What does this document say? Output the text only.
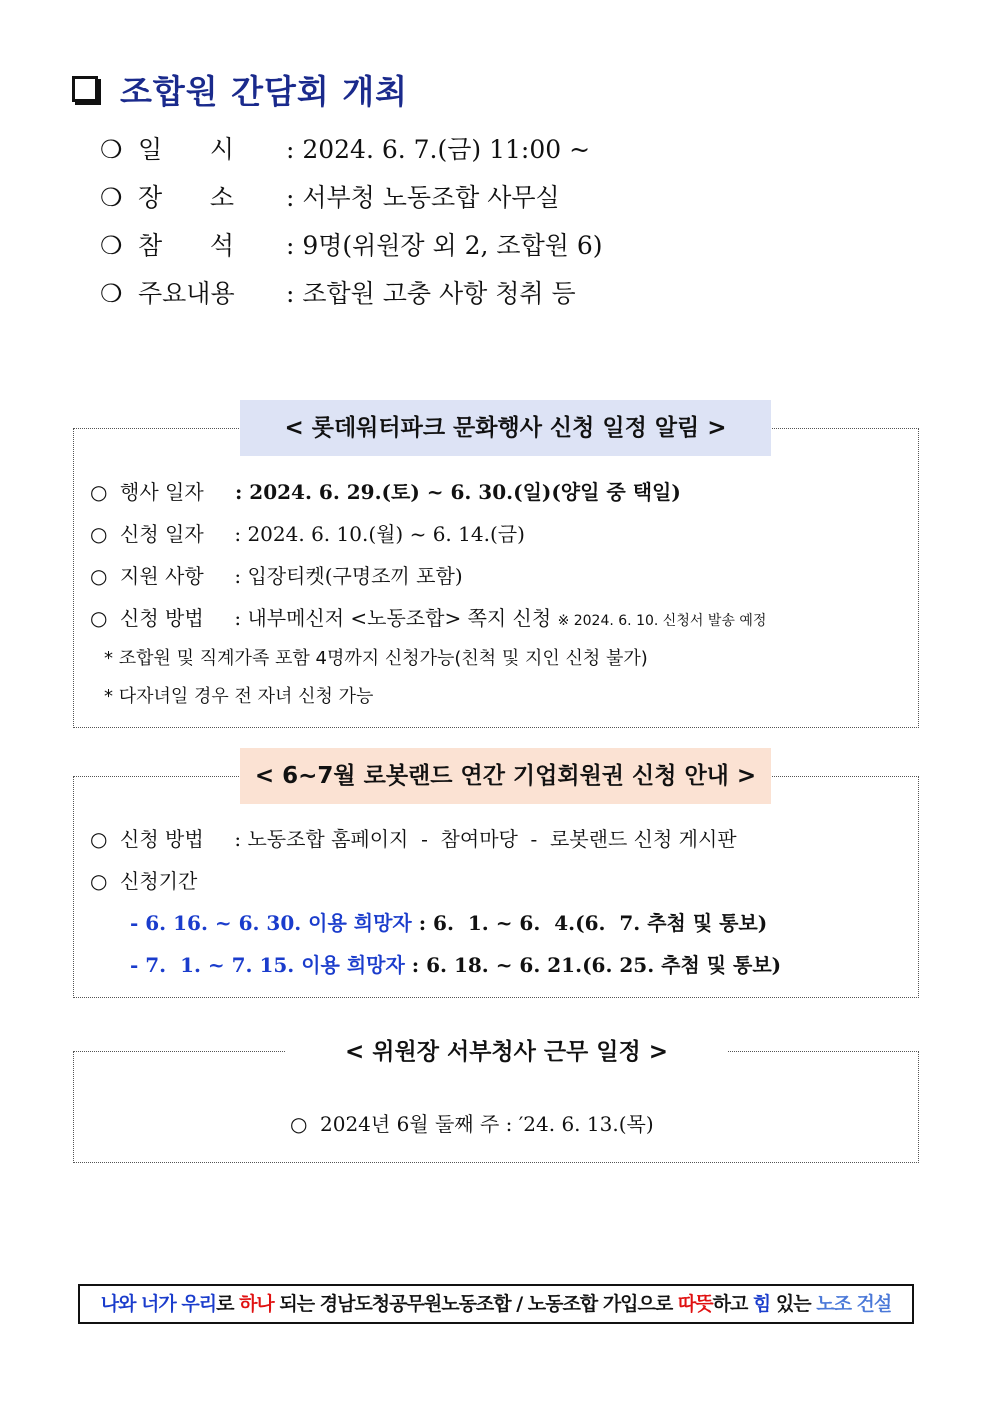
조합원 간담회 개최
❍ 일      시 : 2024. 6. 7.(금) 11:00 ~
❍ 장      소 : 서부청 노동조합 사무실
❍ 참      석 : 9명(위원장 외 2, 조합원 6)
❍ 주요내용 : 조합원 고충 사항 청취 등
< 롯데워터파크 문화행사 신청 일정 알림 >
○ 행사 일자 : 2024. 6. 29.(토) ~ 6. 30.(일)(양일 중 택일)
○ 신청 일자 : 2024. 6. 10.(월) ~ 6. 14.(금)
○ 지원 사항 : 입장티켓(구명조끼 포함)
○ 신청 방법 : 내부메신저 <노동조합> 쪽지 신청 ※ 2024. 6. 10. 신청서 발송 예정
* 조합원 및 직계가족 포함 4명까지 신청가능(친척 및 지인 신청 불가)
* 다자녀일 경우 전 자녀 신청 가능
< 6~7월 로봇랜드 연간 기업회원권 신청 안내 >
○ 신청 방법 : 노동조합 홈페이지  -  참여마당  -  로봇랜드 신청 게시판
○ 신청기간
- 6. 16. ~ 6. 30. 이용 희망자 : 6.  1. ~ 6.  4.(6.  7. 추첨 및 통보)
- 7.  1. ~ 7. 15. 이용 희망자 : 6. 18. ~ 6. 21.(6. 25. 추첨 및 통보)
< 위원장 서부청사 근무 일정 >
○ 2024년 6월 둘째 주 : ′24. 6. 13.(목)
나와 너가 우리로 하나 되는 경남도청공무원노동조합 / 노동조합 가입으로 따뜻하고 힘 있는 노조 건설
